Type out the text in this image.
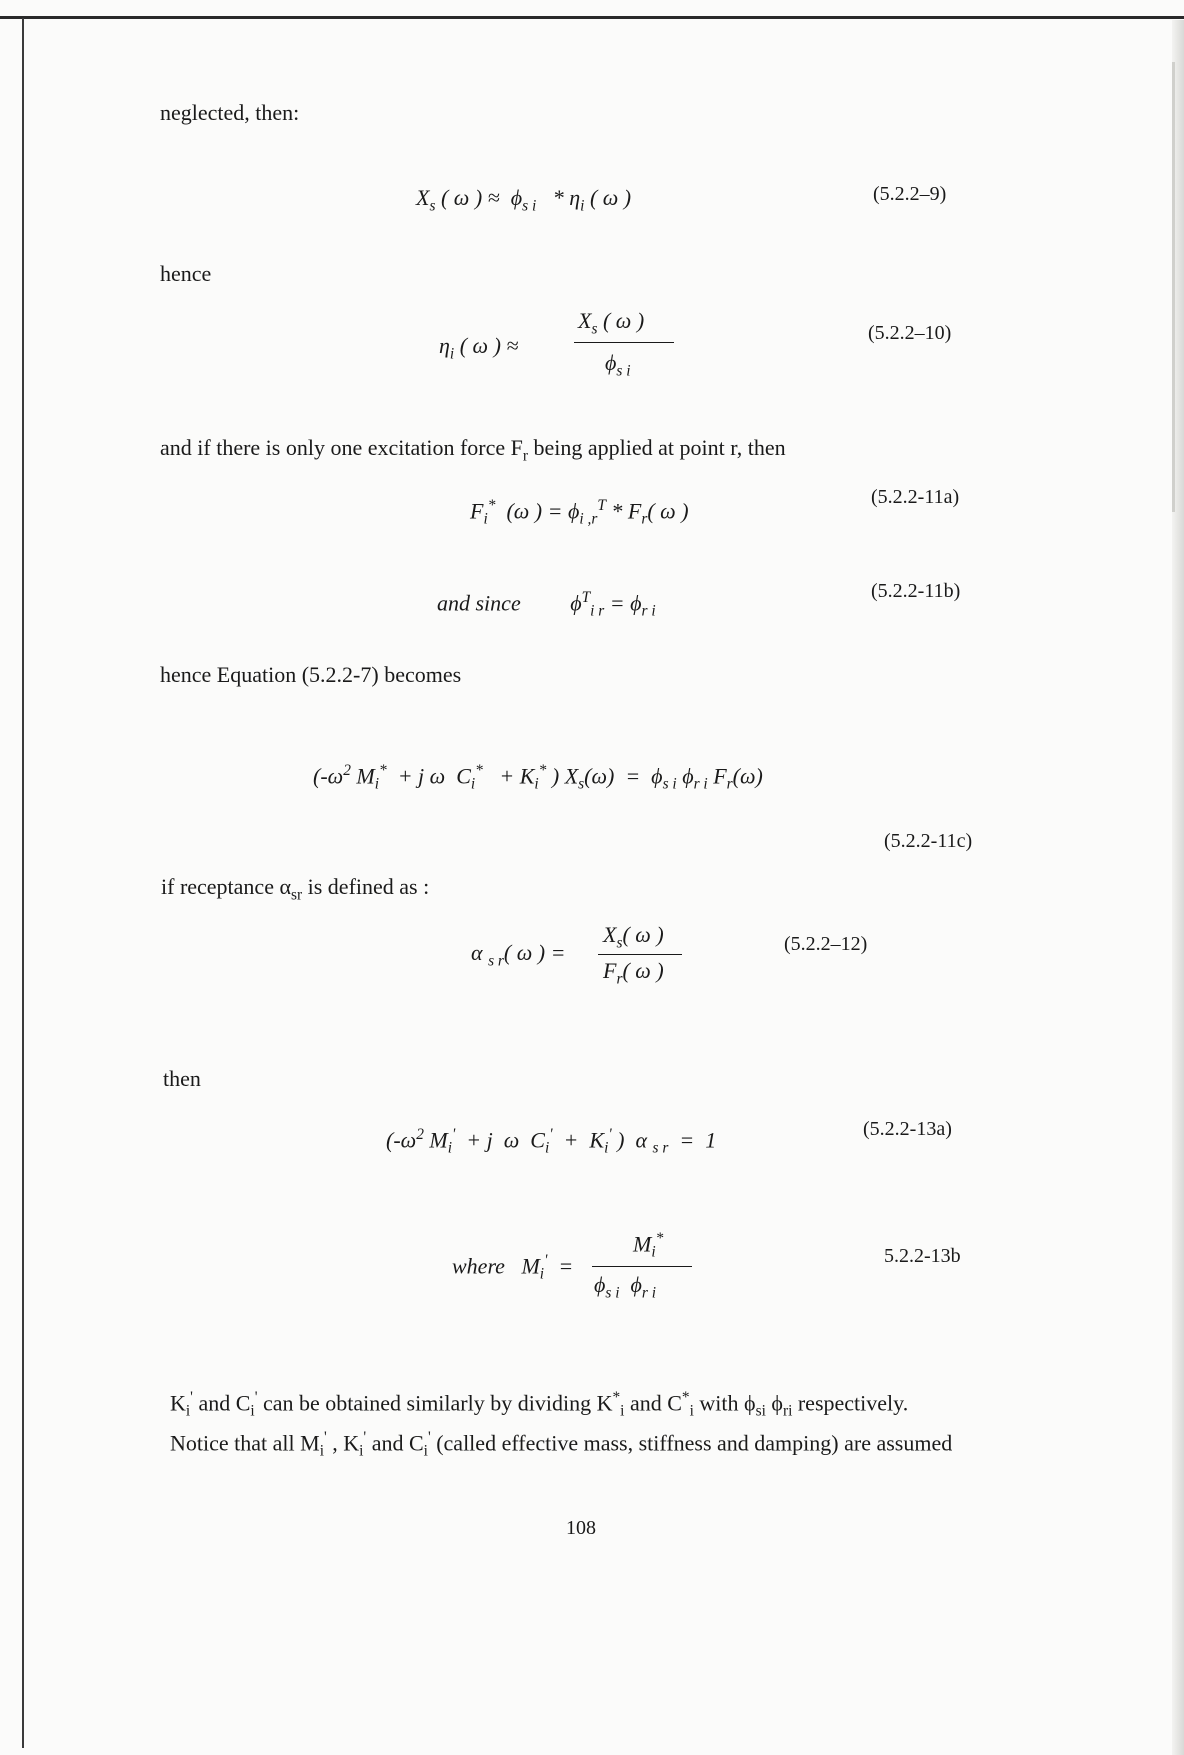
neglected, then:
$X_s$ ( ω ) ≈  $\phi_{s i} * \eta_i$ ( ω )	(5.2.2–9)
hence
$\eta_i$ ( ω ) ≈
$X_s$ ( ω )
$\phi_{s i}$
(5.2.2–10)
and if there is only one excitation force $F_r$ being applied at point r, then
$F_i^*$  (ω ) = $\phi_{i ,r}^T * F_r$( ω )
(5.2.2-11a)
and since         $\phi^T_{i r} = \phi_{r i}$
(5.2.2-11b)
hence Equation (5.2.2-7) becomes
($-\omega^2$ $M_i^* + j$ ω  $C_i^* + K_i^*$ ) $X_s(\omega) = \phi_{s i}$ $\phi_{r i}$ $F_r(\omega)$
(5.2.2-11c)
if receptance $\alpha_{sr}$ is defined as :
α $_{s r}$( ω ) =
$X_s$( ω )
$F_r$( ω )
(5.2.2–12)
then
($-\omega^2$ $M_i' + j$  ω  $C_i' + K_i'$ )  α $_{s r}$  =  1	(5.2.2-13a)
where   $M_i'$  =
$M_i^*$
$\phi_{s i}$  $\phi_{r i}$
5.2.2-13b
$K_i'$ and $C_i'$ can be obtained similarly by dividing $K^*_i$ and $C^*_i$ with $\phi_{si}$ $\phi_{ri}$ respectively.
Notice that all $M_i'$ , $K_i'$ and $C_i'$ (called effective mass, stiffness and damping) are assumed
108
